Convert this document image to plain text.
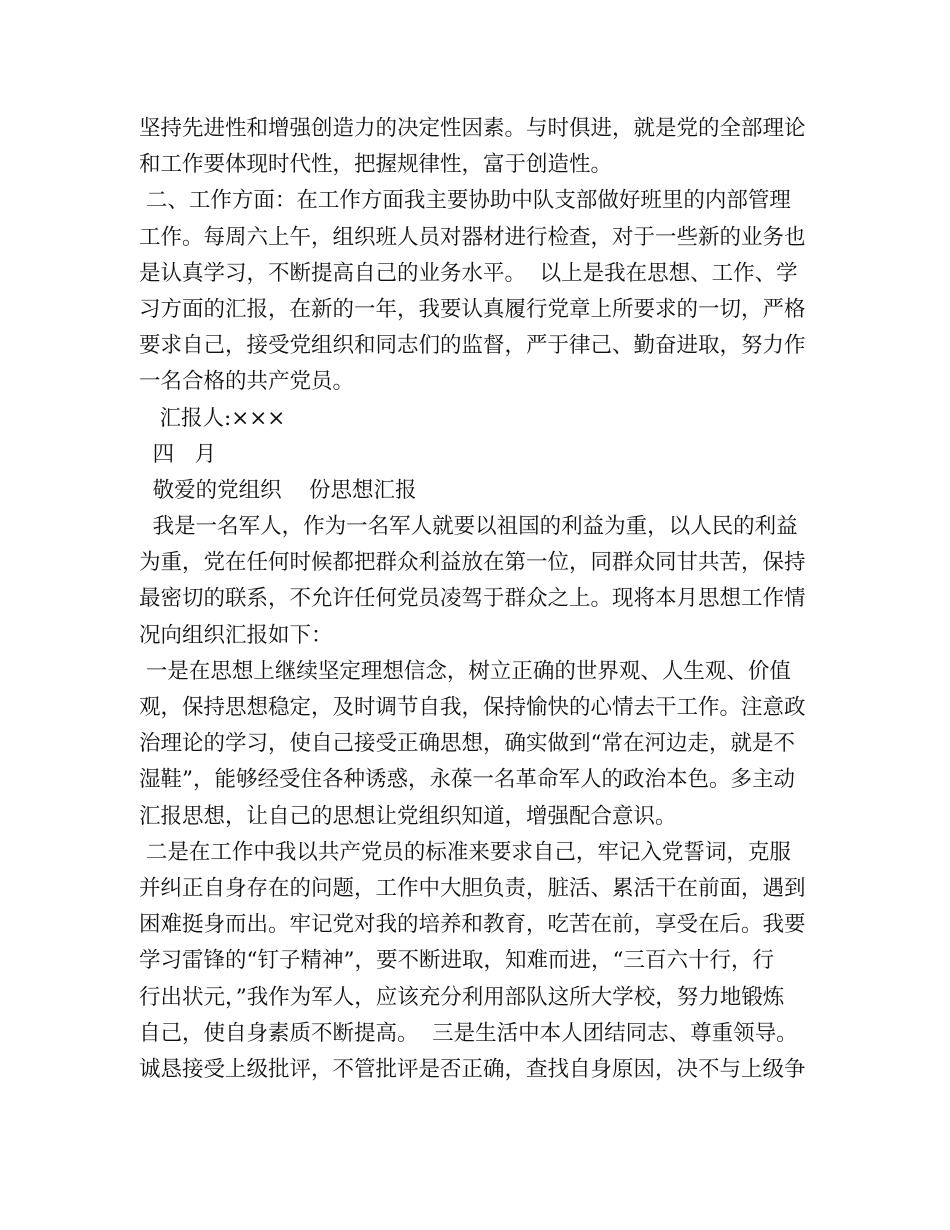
坚持先进性和增强创造力的决定性因素。与时俱进，就是党的全部理论
和工作要体现时代性，把握规律性，富于创造性。
二、工作方面：在工作方面我主要协助中队支部做好班里的内部管理
工作。每周六上午，组织班人员对器材进行检查，对于一些新的业务也
是认真学习，不断提高自己的业务水平。  以上是我在思想、工作、学
习方面的汇报，在新的一年，我要认真履行党章上所要求的一切，严格
要求自己，接受党组织和同志们的监督，严于律己、勤奋进取，努力作
一名合格的共产党员。
汇报人:×××
四   月
敬爱的党组织    份思想汇报
我是一名军人，作为一名军人就要以祖国的利益为重，以人民的利益
为重，党在任何时候都把群众利益放在第一位，同群众同甘共苦，保持
最密切的联系，不允许任何党员凌驾于群众之上。现将本月思想工作情
况向组织汇报如下：
一是在思想上继续坚定理想信念，树立正确的世界观、人生观、价值
观，保持思想稳定，及时调节自我，保持愉快的心情去干工作。注意政
治理论的学习，使自己接受正确思想，确实做到“常在河边走，就是不
湿鞋”，能够经受住各种诱惑，永葆一名革命军人的政治本色。多主动
汇报思想，让自己的思想让党组织知道，增强配合意识。
二是在工作中我以共产党员的标准来要求自己，牢记入党誓词，克服
并纠正自身存在的问题，工作中大胆负责，脏活、累活干在前面，遇到
困难挺身而出。牢记党对我的培养和教育，吃苦在前，享受在后。我要
学习雷锋的“钉子精神”，要不断进取，知难而进，“三百六十行，行
行出状元，”我作为军人，应该充分利用部队这所大学校，努力地锻炼
自己，使自身素质不断提高。  三是生活中本人团结同志、尊重领导。
诚恳接受上级批评，不管批评是否正确，查找自身原因，决不与上级争
